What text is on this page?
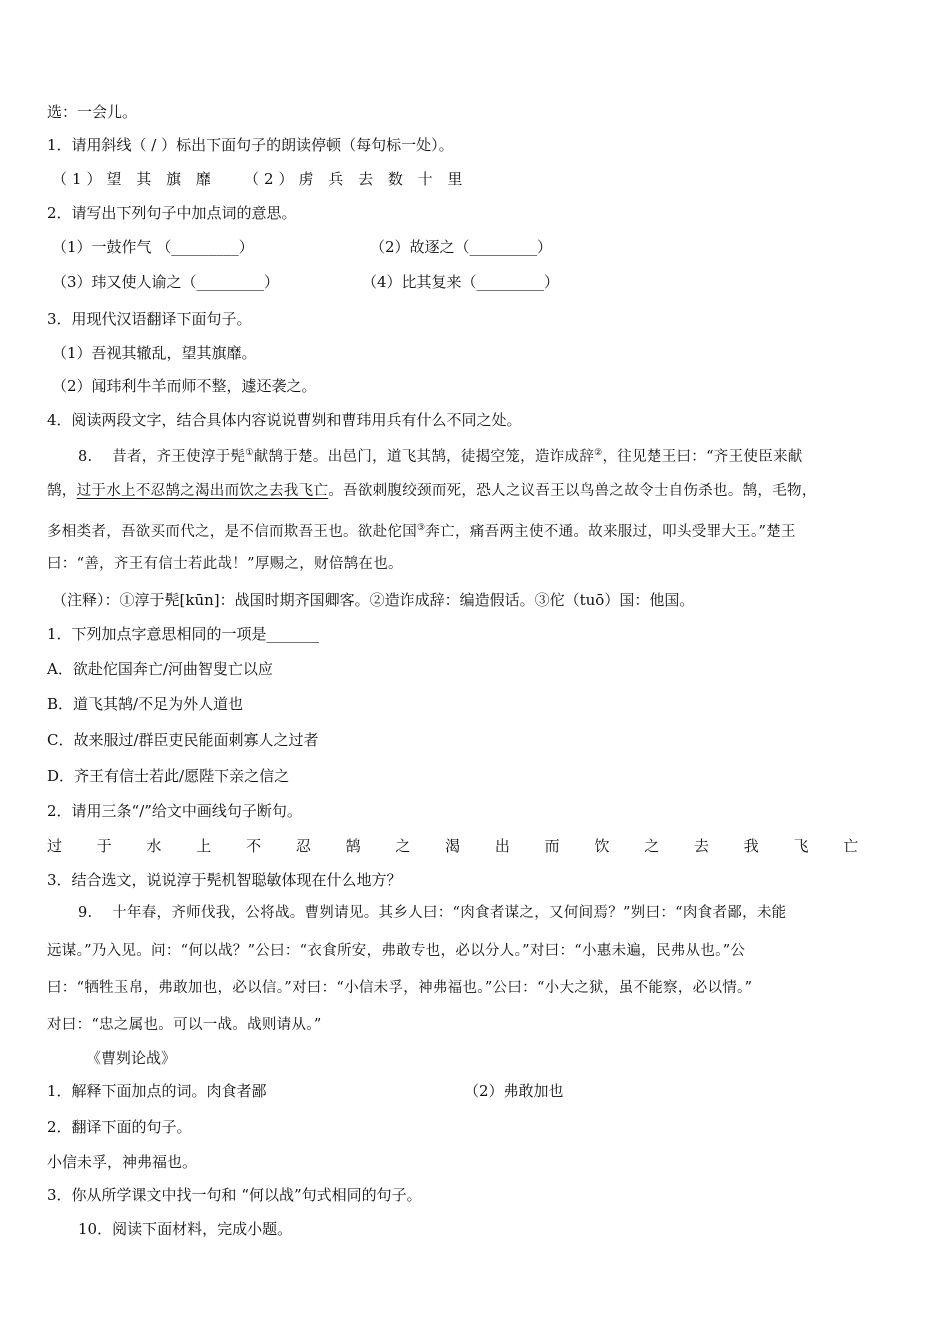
选：一会儿。
1．请用斜线（ / ）标出下面句子的朗读停顿（每句标一处）。
（1）望 其 旗 靡 （2）虏 兵 去 数 十 里
2．请写出下列句子中加点词的意思。
（1）一鼓作气 （_________）	（2）故逐之（_________）
（3）玮又使人谕之（_________）	（4）比其复来（_________）
3．用现代汉语翻译下面句子。
（1）吾视其辙乱，望其旗靡。
（2）闻玮利牛羊而师不整，遽还袭之。
4．阅读两段文字，结合具体内容说说曹刿和曹玮用兵有什么不同之处。
8.　 昔者，齐王使淳于髡①献鹄于楚。出邑门，道飞其鹄，徒揭空笼，造诈成辞②，往见楚王曰：“齐王使臣来献
鹄，过于水上不忍鹄之渴出而饮之去我飞亡。吾欲刺腹绞颈而死，恐人之议吾王以鸟兽之故令士自伤杀也。鹄，毛物，
多相类者，吾欲买而代之，是不信而欺吾王也。欲赴佗国③奔亡，痛吾两主使不通。故来服过，叩头受罪大王。”楚王
曰：“善，齐王有信士若此哉！”厚赐之，财倍鹄在也。
（注释）：①淳于髡[kūn]：战国时期齐国卿客。②造诈成辞：编造假话。③佗（tuō）国：他国。
1．下列加点字意思相同的一项是_______
A．欲赴佗国奔亡/河曲智叟亡以应
B．道飞其鹄/不足为外人道也
C．故来服过/群臣吏民能面刺寡人之过者
D．齐王有信士若此/愿陛下亲之信之
2．请用三条“/”给文中画线句子断句。
过 于 水 上 不 忍 鹄 之 渴 出 而 饮 之 去 我 飞 亡
3．结合选文，说说淳于髡机智聪敏体现在什么地方？
9.　 十年春，齐师伐我，公将战。曹刿请见。其乡人曰：“肉食者谋之，又何间焉？”刿曰：“肉食者鄙，未能
远谋。”乃入见。问：“何以战？”公曰：“衣食所安，弗敢专也，必以分人。”对曰：“小惠未遍，民弗从也。”公
曰：“牺牲玉帛，弗敢加也，必以信。”对曰：“小信未孚，神弗福也。”公曰：“小大之狱，虽不能察，必以情。”
对曰：“忠之属也。可以一战。战则请从。”
《曹刿论战》
1．解释下面加点的词。肉食者鄙	（2）弗敢加也
2．翻译下面的句子。
小信未孚，神弗福也。
3．你从所学课文中找一句和 “何以战”句式相同的句子。
10．阅读下面材料，完成小题。
